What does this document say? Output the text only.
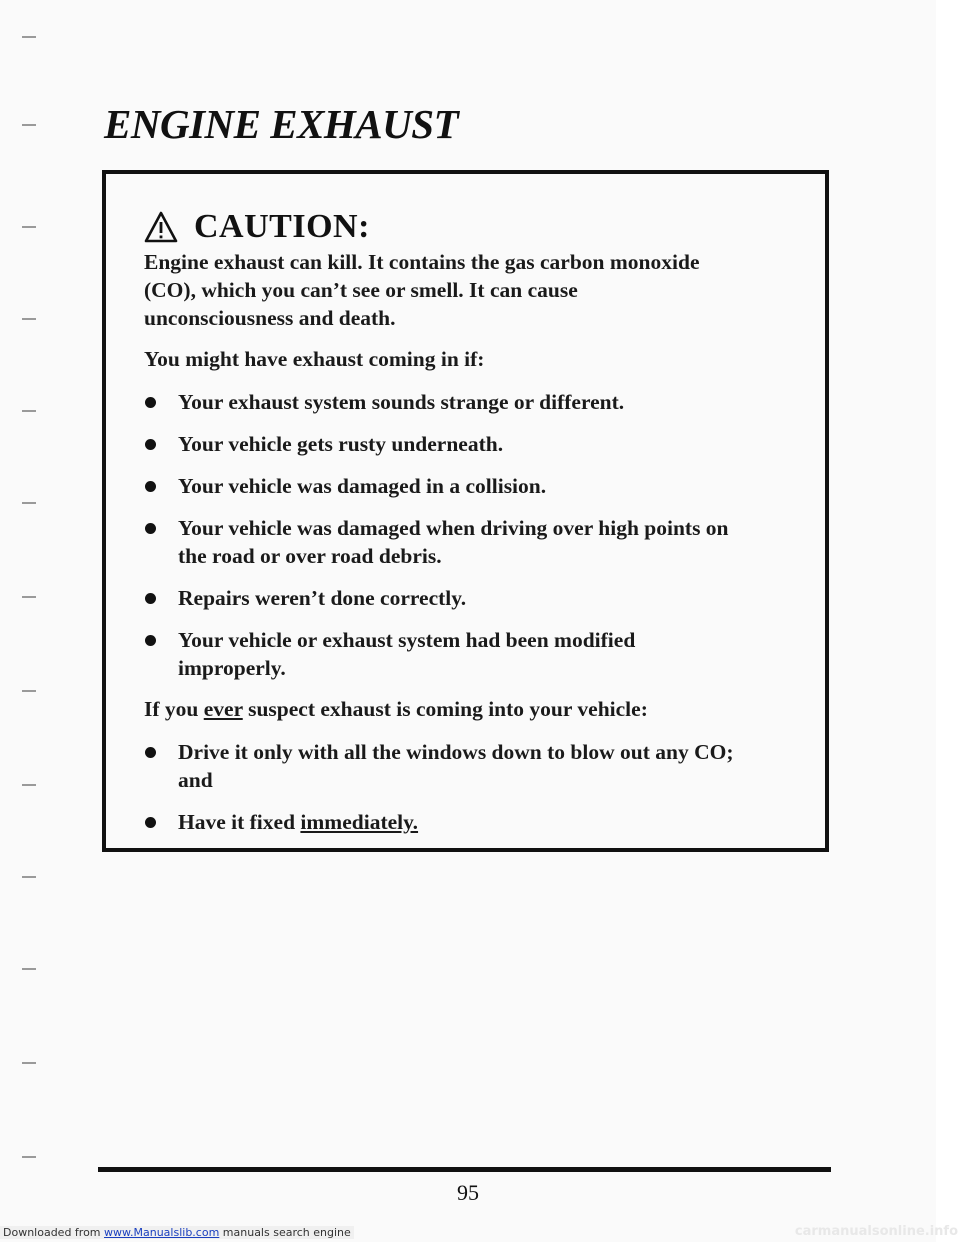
ENGINE EXHAUST
CAUTION:

Engine exhaust can kill. It contains the gas carbon monoxide

(CO), which you can’t see or smell. It can cause

unconsciousness and death.

You might have exhaust coming in if:

Your exhaust system sounds strange or different.
Your vehicle gets rusty underneath.
Your vehicle was damaged in a collision.
Your vehicle was damaged when driving over high points on
the road or over road debris.
Repairs weren’t done correctly.
Your vehicle or exhaust system had been modified
improperly.

If you ever suspect exhaust is coming into your vehicle:

Drive it only with all the windows down to blow out any CO;
and
Have it fixed immediately.
95
Downloaded from www.Manualslib.com manuals search engine	carmanualsonline.info
